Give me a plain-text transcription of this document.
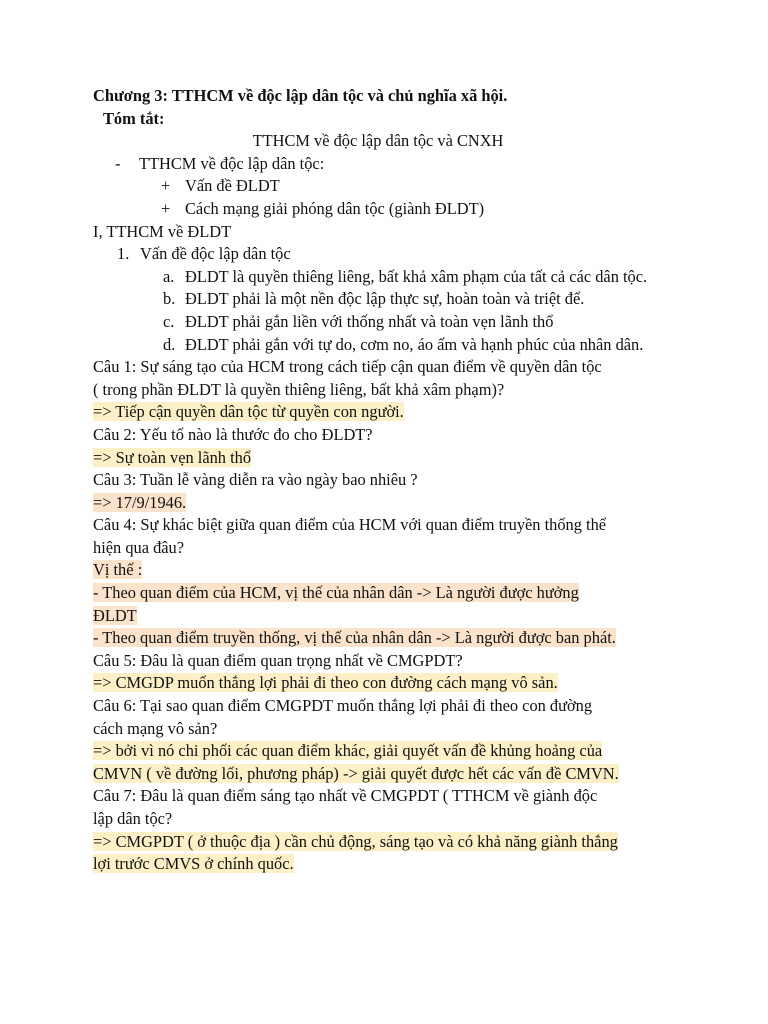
Chương 3: TTHCM về độc lập dân tộc và chủ nghĩa xã hội.
Tóm tắt:
TTHCM về độc lập dân tộc và CNXH
- TTHCM về độc lập dân tộc:
+ Vấn đề ĐLDT
+ Cách mạng giải phóng dân tộc (giành ĐLDT)
I, TTHCM về ĐLDT
1. Vấn đề độc lập dân tộc
a. ĐLDT là quyền thiêng liêng, bất khả xâm phạm của tất cả các dân tộc.
b. ĐLDT phải là một nền độc lập thực sự, hoàn toàn và triệt để.
c. ĐLDT phải gắn liền với thống nhất và toàn vẹn lãnh thổ
d. ĐLDT phải gắn với tự do, cơm no, áo ấm và hạnh phúc của nhân dân.
Câu 1: Sự sáng tạo của HCM trong cách tiếp cận quan điểm về quyền dân tộc
( trong phần ĐLDT là quyền thiêng liêng, bất khả xâm phạm)?
=> Tiếp cận quyền dân tộc từ quyền con người.
Câu 2: Yếu tố nào là thước đo cho ĐLDT?
=> Sự toàn vẹn lãnh thổ
Câu 3: Tuần lễ vàng diễn ra vào ngày bao nhiêu ?
=> 17/9/1946.
Câu 4: Sự khác biệt giữa quan điểm của HCM với quan điểm truyền thống thể
hiện qua đâu?
Vị thế :
- Theo quan điểm của HCM, vị thế của nhân dân -> Là người được hưởng
ĐLDT
- Theo quan điểm truyền thống, vị thế của nhân dân -> Là người được ban phát.
Câu 5: Đâu là quan điểm quan trọng nhất về CMGPDT?
=> CMGDP muốn thắng lợi phải đi theo con đường cách mạng vô sản.
Câu 6: Tại sao quan điểm CMGPDT muốn thắng lợi phải đi theo con đường
cách mạng vô sản?
=> bởi vì nó chi phối các quan điểm khác, giải quyết vấn đề khủng hoảng của
CMVN ( về đường lối, phương pháp) -> giải quyết được hết các vấn đề CMVN.
Câu 7: Đâu là quan điểm sáng tạo nhất về CMGPDT ( TTHCM về giành độc
lập dân tộc?
=> CMGPDT ( ở thuộc địa ) cần chủ động, sáng tạo và có khả năng giành thắng
lợi trước CMVS ở chính quốc.
